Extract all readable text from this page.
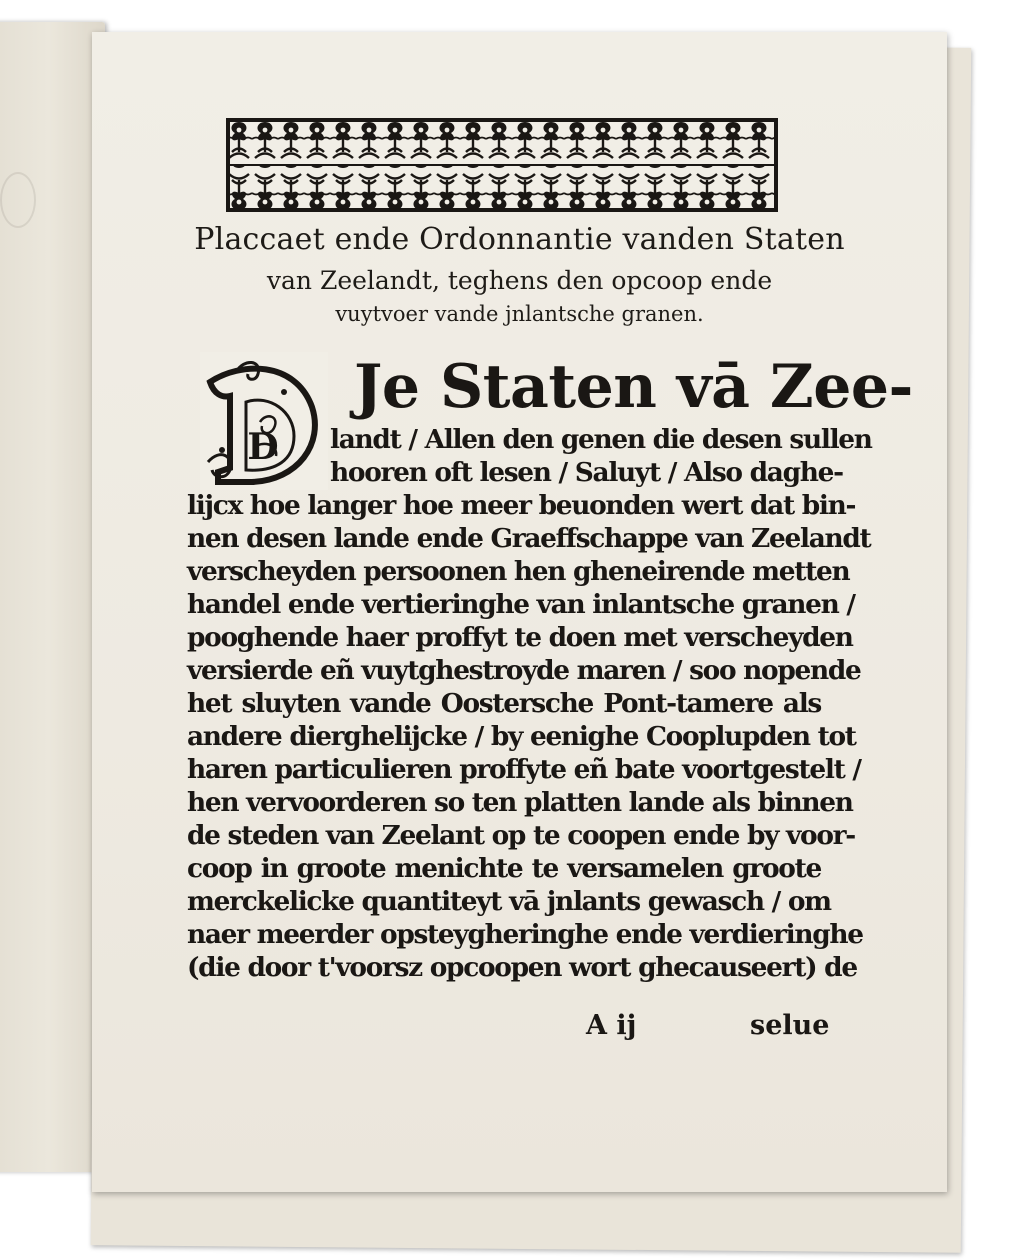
Placcaet ende Ordonnantie vanden Staten
van Zeelandt, teghens den opcoop ende
vuytvoer vande jnlantsche granen.
D
Je Staten vā Zee-
landt / Allen den genen die desen sullen
hooren oft lesen / Saluyt / Also daghe-
lijcx hoe langer hoe meer beuonden wert dat bin-
nen desen lande ende Graeffschappe van Zeelandt
verscheyden persoonen hen gheneirende metten
handel ende vertieringhe van inlantsche granen /
pooghende haer proffyt te doen met verscheyden
versierde eñ vuytghestroyde maren / soo nopende
het sluyten vande Oostersche Pont-tamere als
andere dierghelijcke / by eenighe Cooplupden tot
haren particulieren proffyte eñ bate voortgestelt /
hen vervoorderen so ten platten lande als binnen
de steden van Zeelant op te coopen ende by voor-
coop in groote menichte te versamelen groote
merckelicke quantiteyt vā jnlants gewasch / om
naer meerder opsteygheringhe ende verdieringhe
(die door t'voorsz opcoopen wort ghecauseert) de
A ij	selue
